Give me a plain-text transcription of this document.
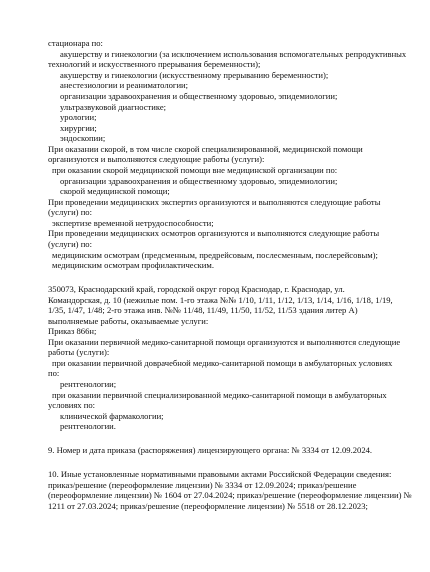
стационара по:
акушерству и гинекологии (за исключением использования вспомогательных репродуктивных
технологий и искусственного прерывания беременности);
акушерству и гинекологии (искусственному прерыванию беременности);
анестезиологии и реаниматологии;
организации здравоохранения и общественному здоровью, эпидемиологии;
ультразвуковой диагностике;
урологии;
хирургии;
эндоскопии;
При оказании скорой, в том числе скорой специализированной, медицинской помощи
организуются и выполняются следующие работы (услуги):
при оказании скорой медицинской помощи вне медицинской организации по:
организации здравоохранения и общественному здоровью, эпидемиологии;
скорой медицинской помощи;
При проведении медицинских экспертиз организуются и выполняются следующие работы
(услуги) по:
экспертизе временной нетрудоспособности;
При проведении медицинских осмотров организуются и выполняются следующие работы
(услуги) по:
медицинским осмотрам (предсменным, предрейсовым, послесменным, послерейсовым);
медицинским осмотрам профилактическим.
350073, Краснодарский край, городской округ город Краснодар, г. Краснодар, ул.
Командорская, д. 10 (нежилые пом. 1-го этажа №№ 1/10, 1/11, 1/12, 1/13, 1/14, 1/16, 1/18, 1/19,
1/35, 1/47, 1/48; 2-го этажа инв. №№ 11/48, 11/49, 11/50, 11/52, 11/53 здания литер А)
выполняемые работы, оказываемые услуги:
Приказ 866н;
При оказании первичной медико-санитарной помощи организуются и выполняются следующие
работы (услуги):
при оказании первичной доврачебной медико-санитарной помощи в амбулаторных условиях
по:
рентгенологии;
при оказании первичной специализированной медико-санитарной помощи в амбулаторных
условиях по:
клинической фармакологии;
рентгенологии.
9. Номер и дата приказа (распоряжения) лицензирующего органа: № 3334 от 12.09.2024.
10. Иные установленные нормативными правовыми актами Российской Федерации сведения:
приказ/решение (переоформление лицензии) № 3334 от 12.09.2024; приказ/решение
(переоформление лицензии) № 1604 от 27.04.2024; приказ/решение (переоформление лицензии) №
1211 от 27.03.2024; приказ/решение (переоформление лицензии) № 5518 от 28.12.2023;
